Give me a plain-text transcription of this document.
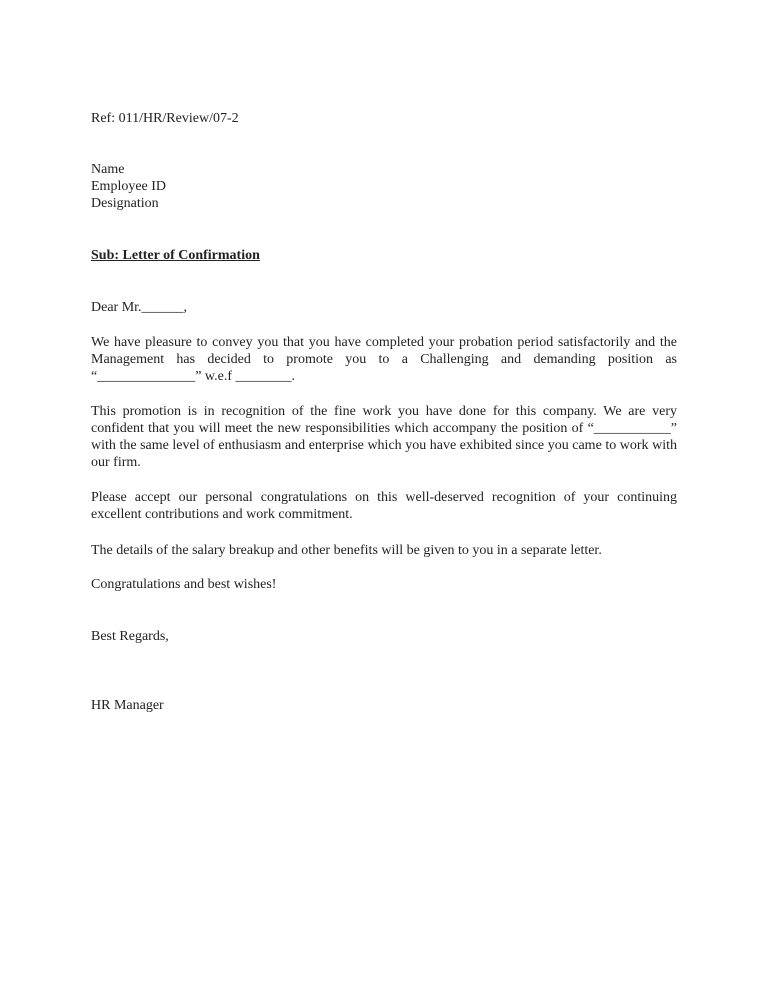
Ref: 011/HR/Review/07-2
Name
Employee ID
Designation
Sub: Letter of Confirmation
Dear Mr.______,
We have pleasure to convey you that you have completed your probation period satisfactorily and the Management has decided to promote you to a Challenging and demanding position as “______________” w.e.f ________.
This promotion is in recognition of the fine work you have done for this company. We are very confident that you will meet the new responsibilities which accompany the position of “___________” with the same level of enthusiasm and enterprise which you have exhibited since you came to work with our firm.
Please accept our personal congratulations on this well-deserved recognition of your continuing excellent contributions and work commitment.
The details of the salary breakup and other benefits will be given to you in a separate letter.
Congratulations and best wishes!
Best Regards,
HR Manager
